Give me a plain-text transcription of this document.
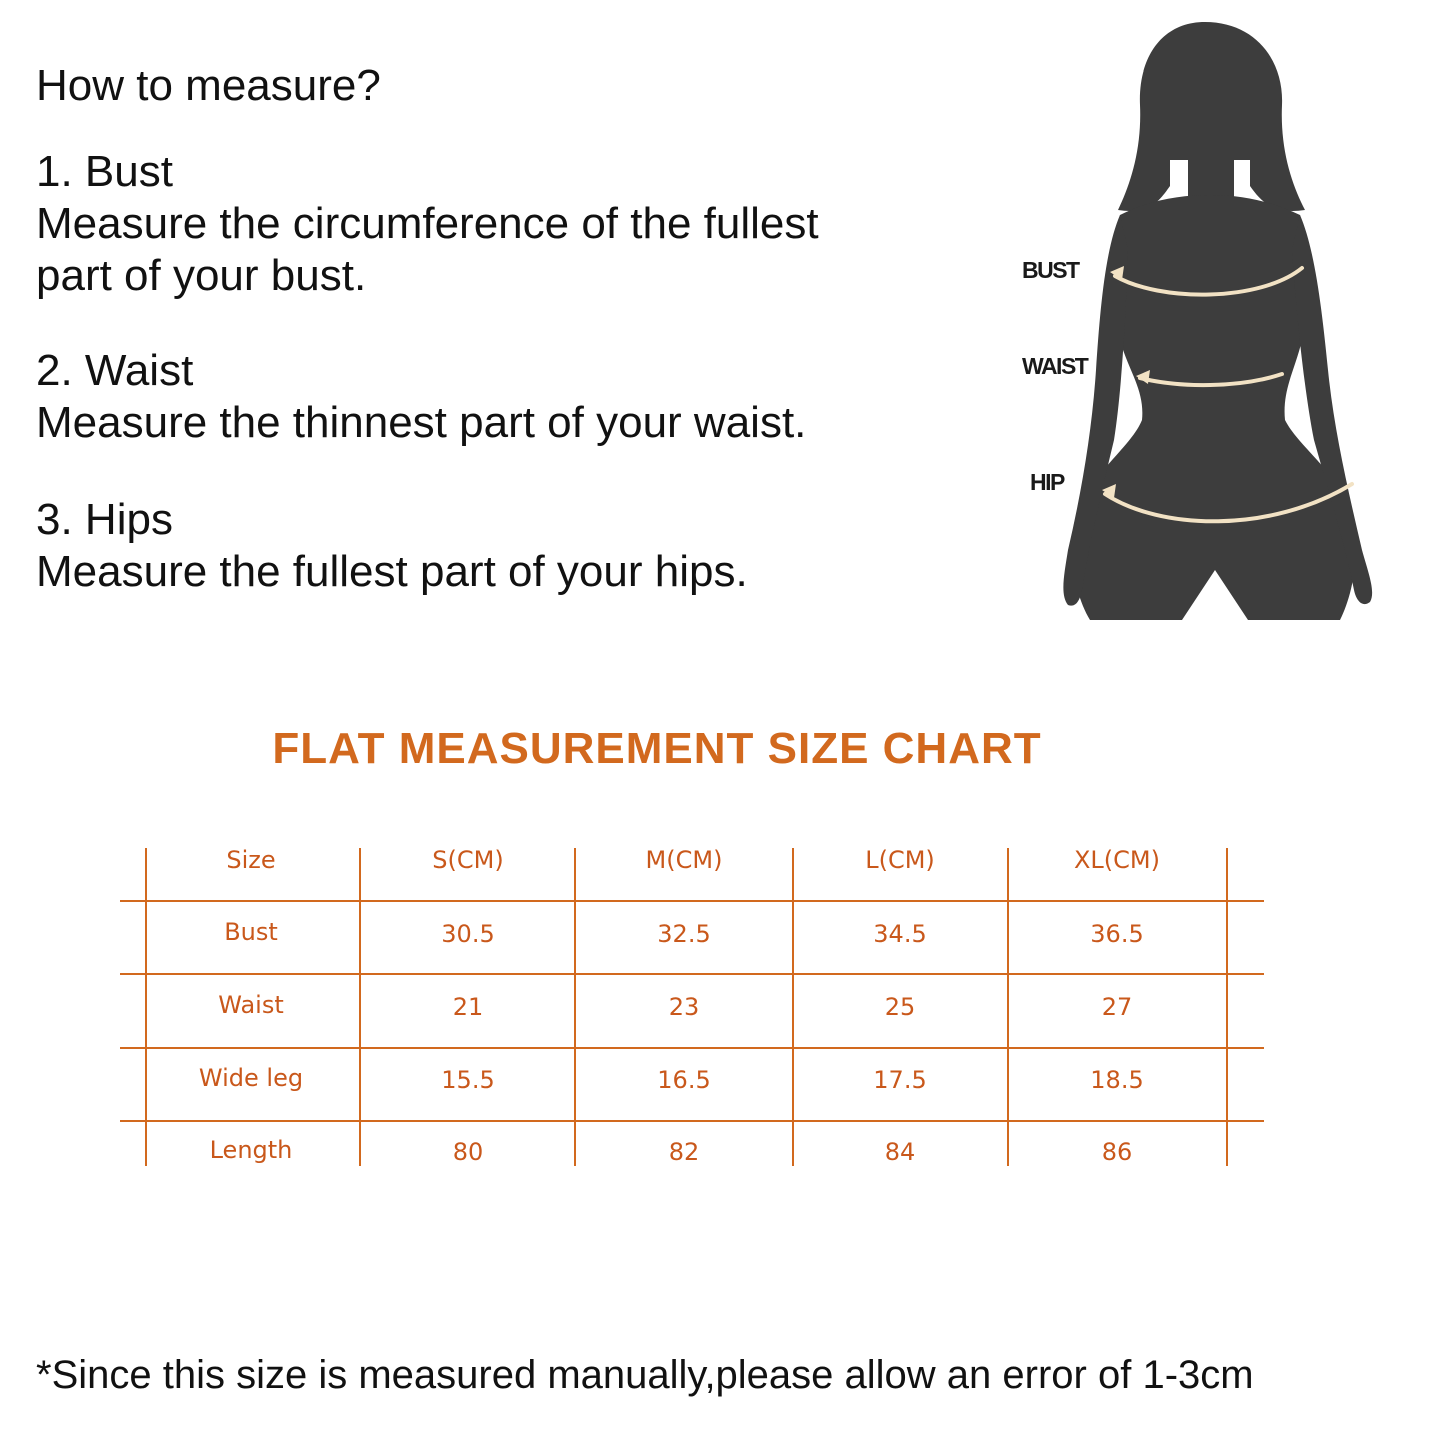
How to measure?
1. Bust
Measure the circumference of the fullest
part of your bust.
2. Waist
Measure the thinnest part of your waist.
3. Hips
Measure the fullest part of your hips.
BUST
WAIST
HIP
FLAT MEASUREMENT SIZE CHART
Size	S(CM)	M(CM)	L(CM)	XL(CM)
Bust	30.5	32.5	34.5	36.5
Waist	21	23	25	27
Wide leg	15.5	16.5	17.5	18.5
Length	80	82	84	86
*Since this size is measured manually,please allow an error of 1-3cm
